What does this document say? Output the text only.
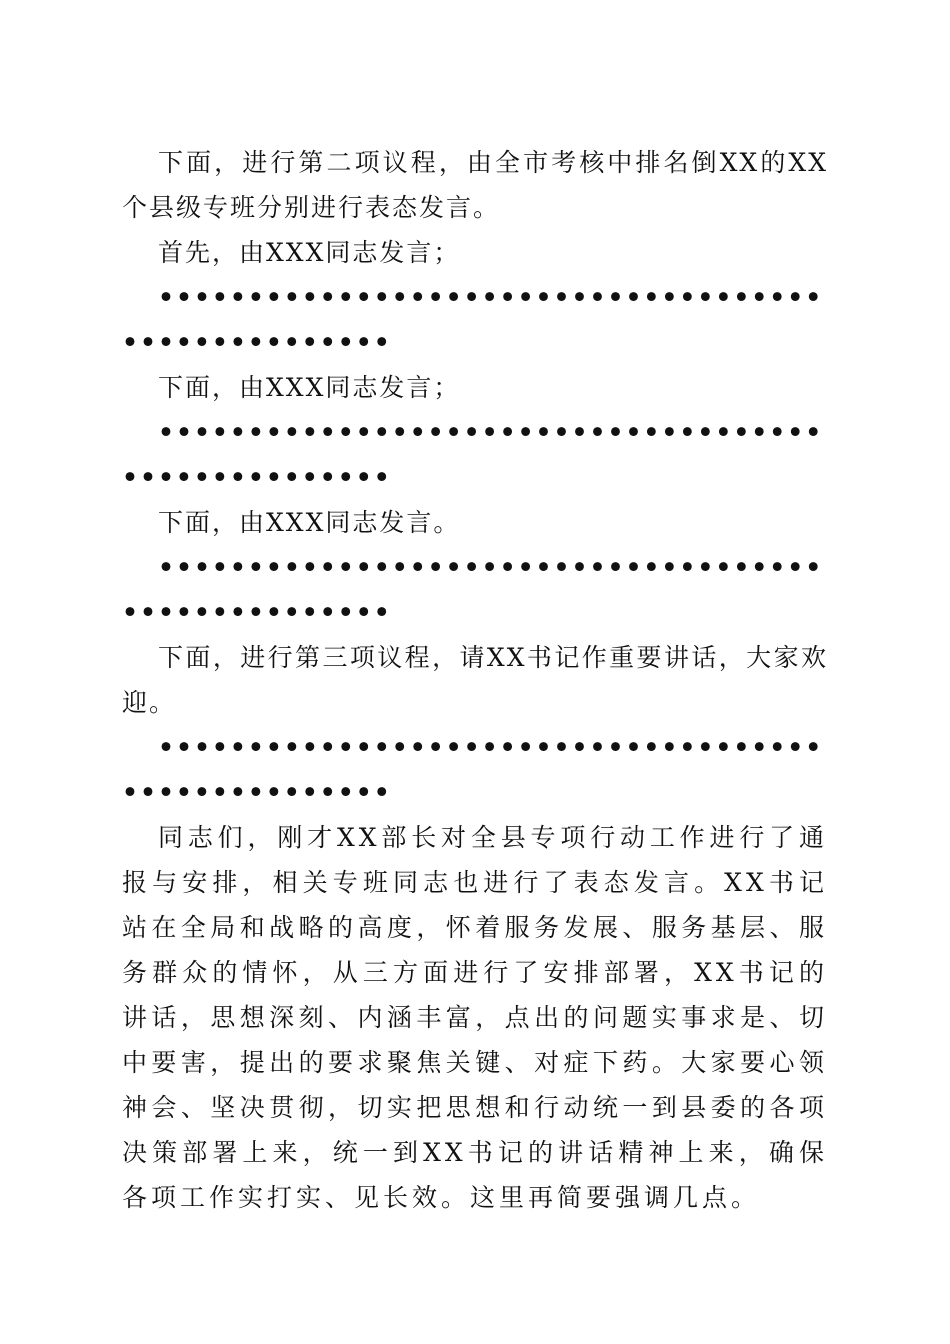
下面，进行第二项议程，由全市考核中排名倒XX的XX个县级专班分别进行表态发言。

首先，由XXX同志发言；

••••••••••••••••••••••••••••••••••••••••••••••••••••

下面，由XXX同志发言；

••••••••••••••••••••••••••••••••••••••••••••••••••••

下面，由XXX同志发言。

••••••••••••••••••••••••••••••••••••••••••••••••••••

下面，进行第三项议程，请XX书记作重要讲话，大家欢迎。

••••••••••••••••••••••••••••••••••••••••••••••••••••

同志们，刚才XX部长对全县专项行动工作进行了通报与安排，相关专班同志也进行了表态发言。XX书记站在全局和战略的高度，怀着服务发展、服务基层、服务群众的情怀，从三方面进行了安排部署，XX书记的讲话，思想深刻、内涵丰富，点出的问题实事求是、切中要害，提出的要求聚焦关键、对症下药。大家要心领神会、坚决贯彻，切实把思想和行动统一到县委的各项决策部署上来，统一到XX书记的讲话精神上来，确保各项工作实打实、见长效。这里再简要强调几点。
